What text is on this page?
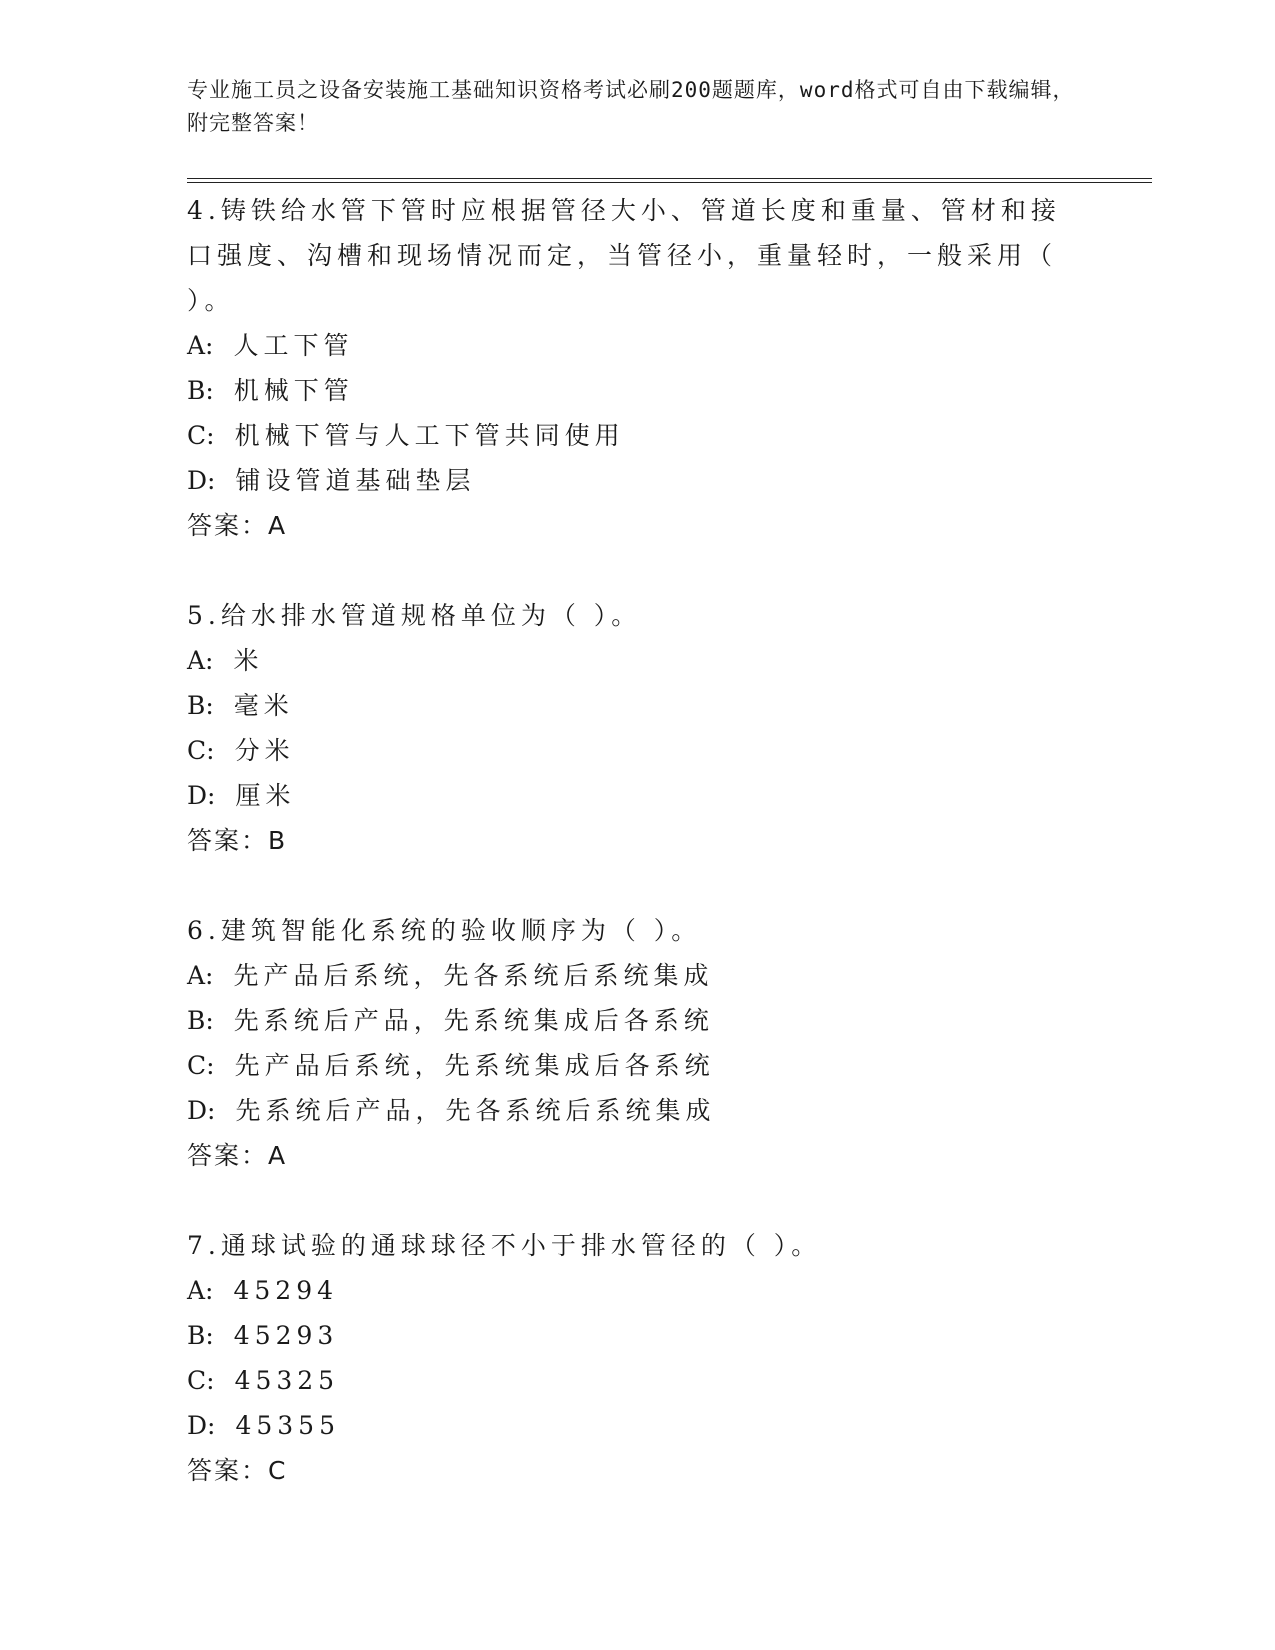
专业施工员之设备安装施工基础知识资格考试必刷200题题库，word格式可自由下载编辑，附完整答案！
4.铸铁给水管下管时应根据管径大小、管道长度和重量、管材和接口强度、沟槽和现场情况而定，当管径小，重量轻时，一般采用（ ）。
A: 人工下管
B: 机械下管
C: 机械下管与人工下管共同使用
D: 铺设管道基础垫层
答案：A
5.给水排水管道规格单位为（ ）。
A: 米
B: 毫米
C: 分米
D: 厘米
答案：B
6.建筑智能化系统的验收顺序为（ ）。
A: 先产品后系统，先各系统后系统集成
B: 先系统后产品，先系统集成后各系统
C: 先产品后系统，先系统集成后各系统
D: 先系统后产品，先各系统后系统集成
答案：A
7.通球试验的通球球径不小于排水管径的（ ）。
A: 45294
B: 45293
C: 45325
D: 45355
答案：C
